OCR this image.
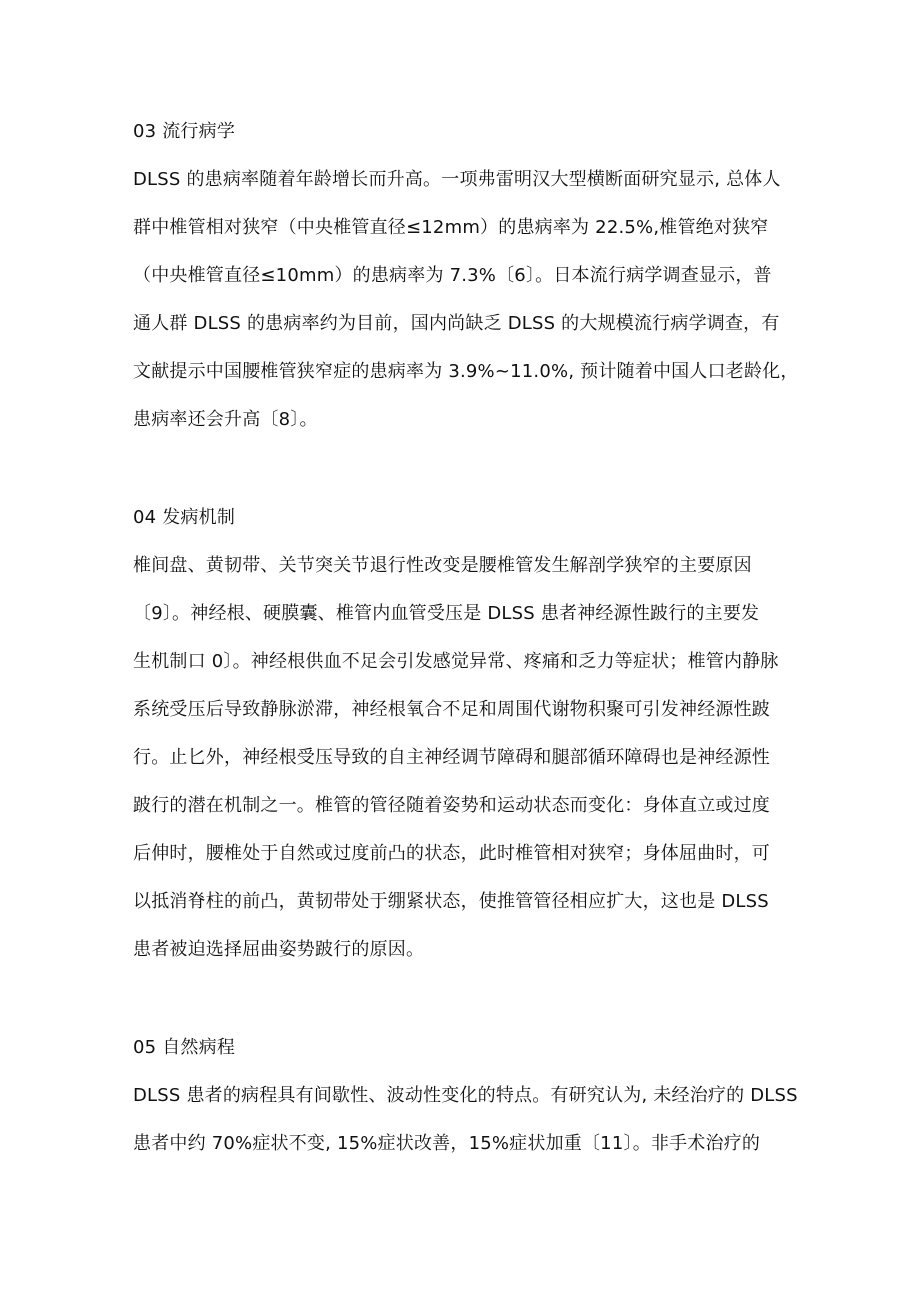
03 流行病学
DLSS 的患病率随着年龄增长而升高。一项弗雷明汉大型横断面研究显示, 总体人
群中椎管相对狭窄（中央椎管直径≤12mm）的患病率为 22.5%,椎管绝对狭窄
（中央椎管直径≤10mm）的患病率为 7.3%〔6〕。日本流行病学调查显示，普
通人群 DLSS 的患病率约为目前，国内尚缺乏 DLSS 的大规模流行病学调查，有
文献提示中国腰椎管狭窄症的患病率为 3.9%~11.0%, 预计随着中国人口老龄化，
患病率还会升高〔8〕。
04 发病机制
椎间盘、黄韧带、关节突关节退行性改变是腰椎管发生解剖学狭窄的主要原因
〔9〕。神经根、硬膜囊、椎管内血管受压是 DLSS 患者神经源性跛行的主要发
生机制口 0〕。神经根供血不足会引发感觉异常、疼痛和乏力等症状；椎管内静脉
系统受压后导致静脉淤滞，神经根氧合不足和周围代谢物积聚可引发神经源性跛
行。止匕外，神经根受压导致的自主神经调节障碍和腿部循环障碍也是神经源性
跛行的潜在机制之一。椎管的管径随着姿势和运动状态而变化：身体直立或过度
后伸时，腰椎处于自然或过度前凸的状态，此时椎管相对狭窄；身体屈曲时，可
以抵消脊柱的前凸，黄韧带处于绷紧状态，使推管管径相应扩大，这也是 DLSS
患者被迫选择屈曲姿势跛行的原因。
05 自然病程
DLSS 患者的病程具有间歇性、波动性变化的特点。有研究认为, 未经治疗的 DLSS
患者中约 70%症状不变, 15%症状改善，15%症状加重〔11〕。非手术治疗的
